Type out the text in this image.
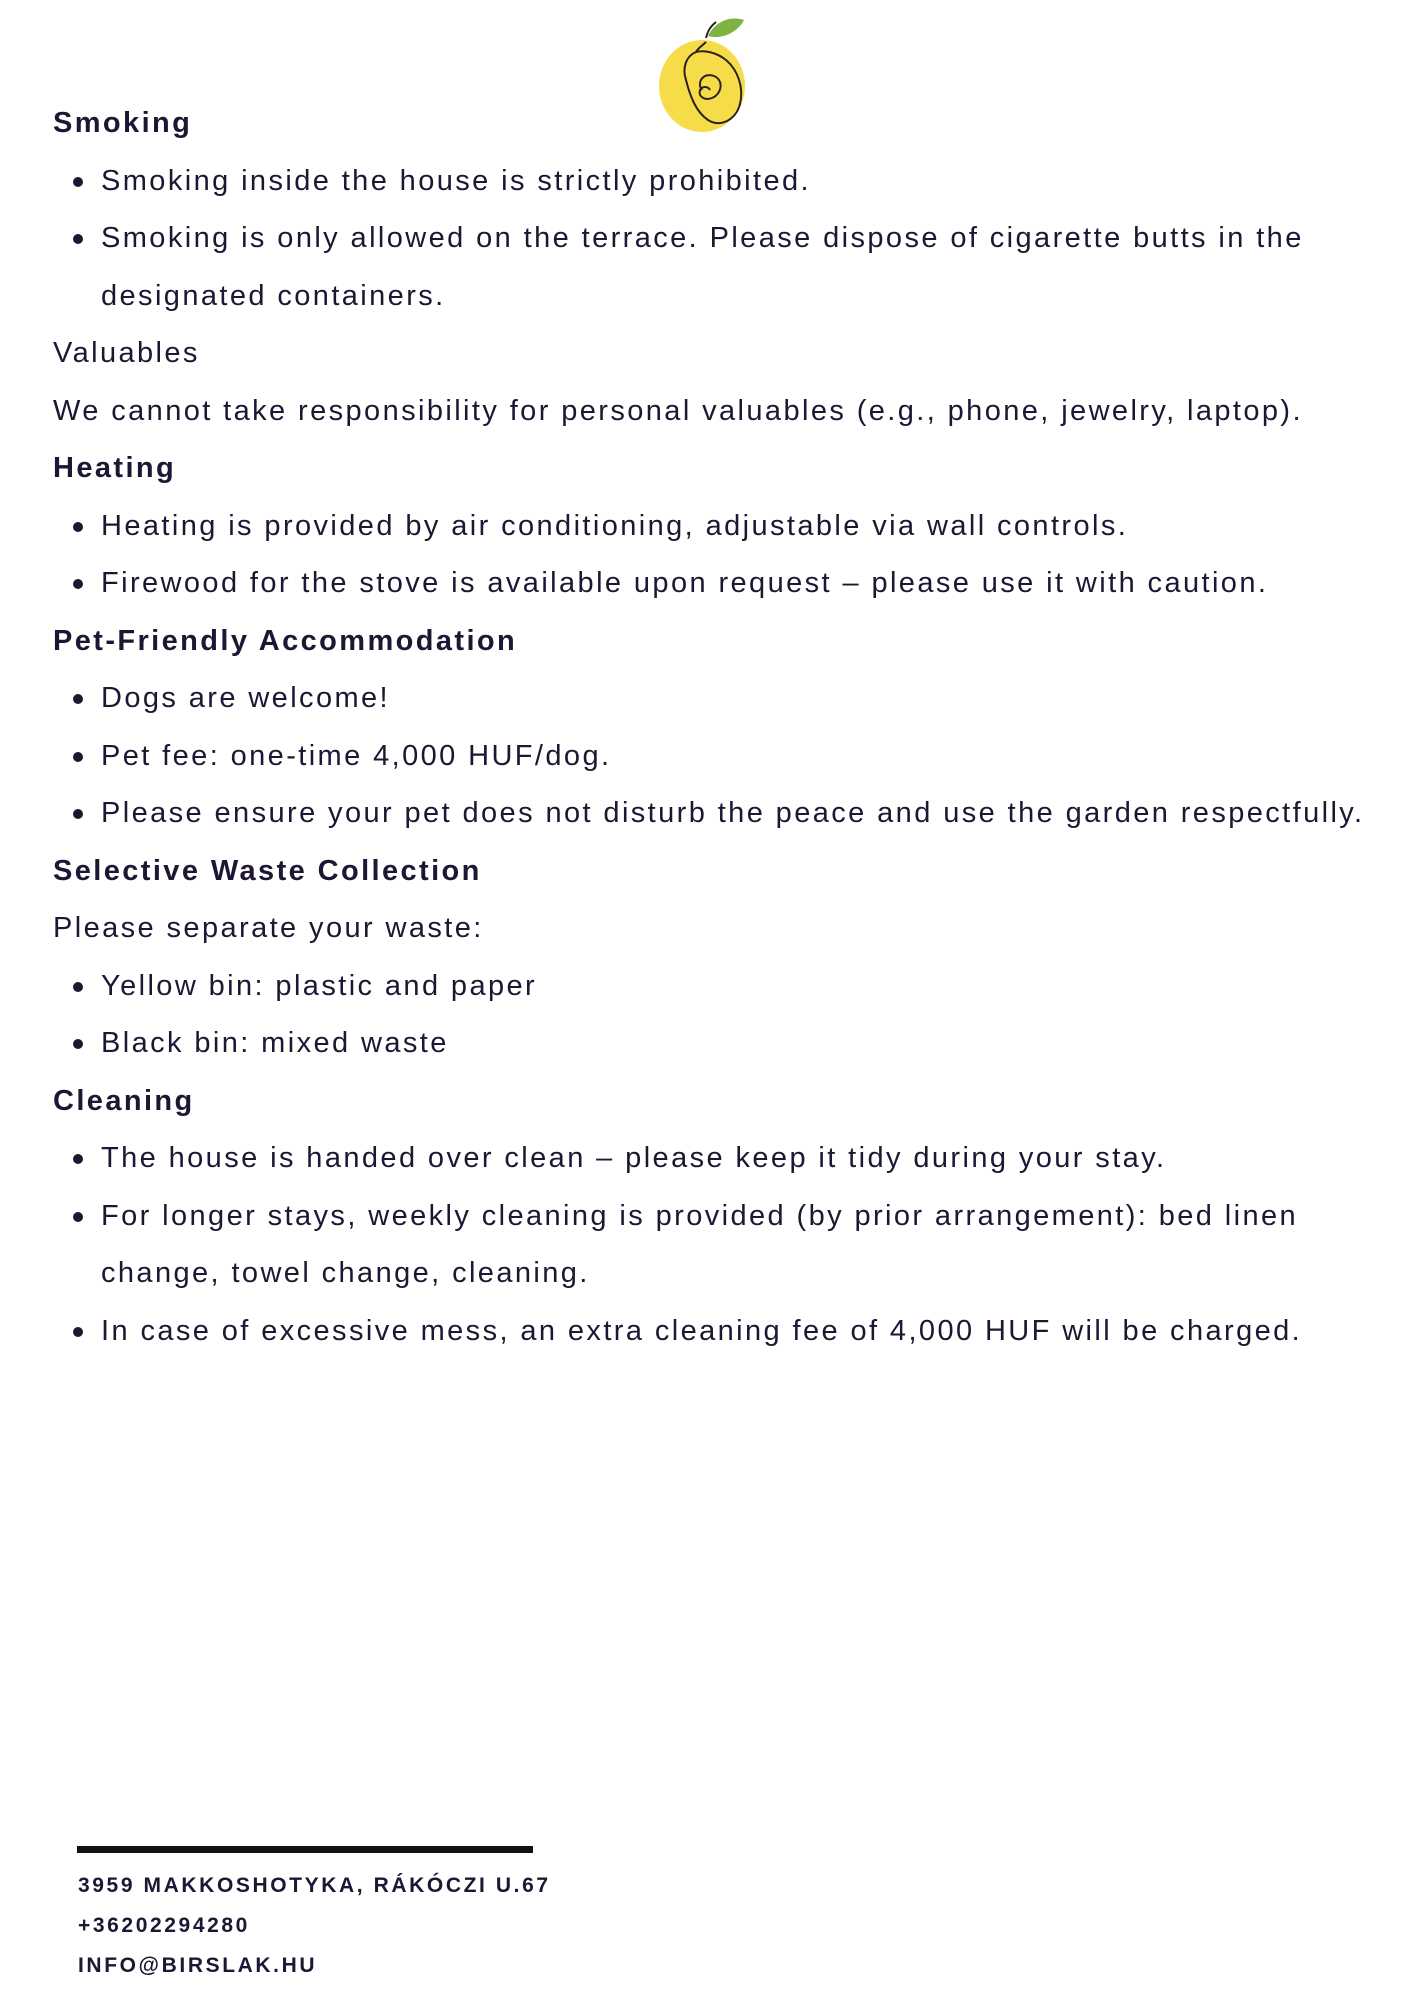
Smoking
Smoking inside the house is strictly prohibited.
Smoking is only allowed on the terrace. Please dispose of cigarette butts in the designated containers.

Valuables

We cannot take responsibility for personal valuables (e.g., phone, jewelry, laptop).

Heating
Heating is provided by air conditioning, adjustable via wall controls.
Firewood for the stove is available upon request – please use it with caution.
Pet-Friendly Accommodation
Dogs are welcome!
Pet fee: one-time 4,000 HUF/dog.
Please ensure your pet does not disturb the peace and use the garden respectfully.
Selective Waste Collection

Please separate your waste:

Yellow bin: plastic and paper
Black bin: mixed waste
Cleaning
The house is handed over clean – please keep it tidy during your stay.
For longer stays, weekly cleaning is provided (by prior arrangement): bed linen change, towel change, cleaning.
In case of excessive mess, an extra cleaning fee of 4,000 HUF will be charged.
3959 MAKKOSHOTYKA, RÁKÓCZI U.67
+36202294280
INFO@BIRSLAK.HU
